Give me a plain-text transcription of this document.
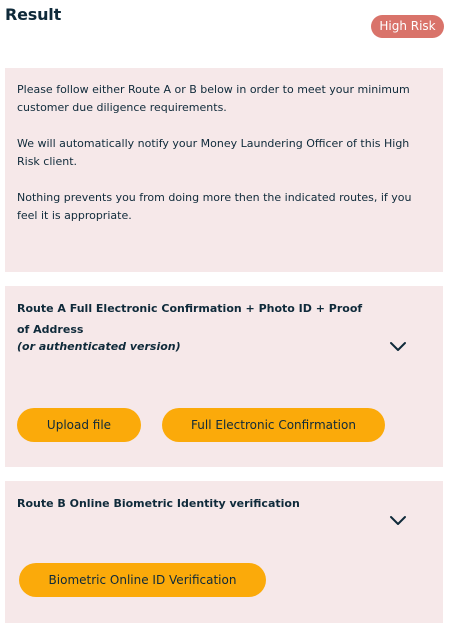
Result
High Risk

Please follow either Route A or B below in order to meet your minimum customer due diligence requirements.

We will automatically notify your Money Laundering Officer of this High Risk client.

Nothing prevents you from doing more then the indicated routes, if you feel it is appropriate.

Route A Full Electronic Confirmation + Photo ID + Proof of Address
(or authenticated version)
Upload file	Full Electronic Confirmation
Route B Online Biometric Identity verification
Biometric Online ID Verification
